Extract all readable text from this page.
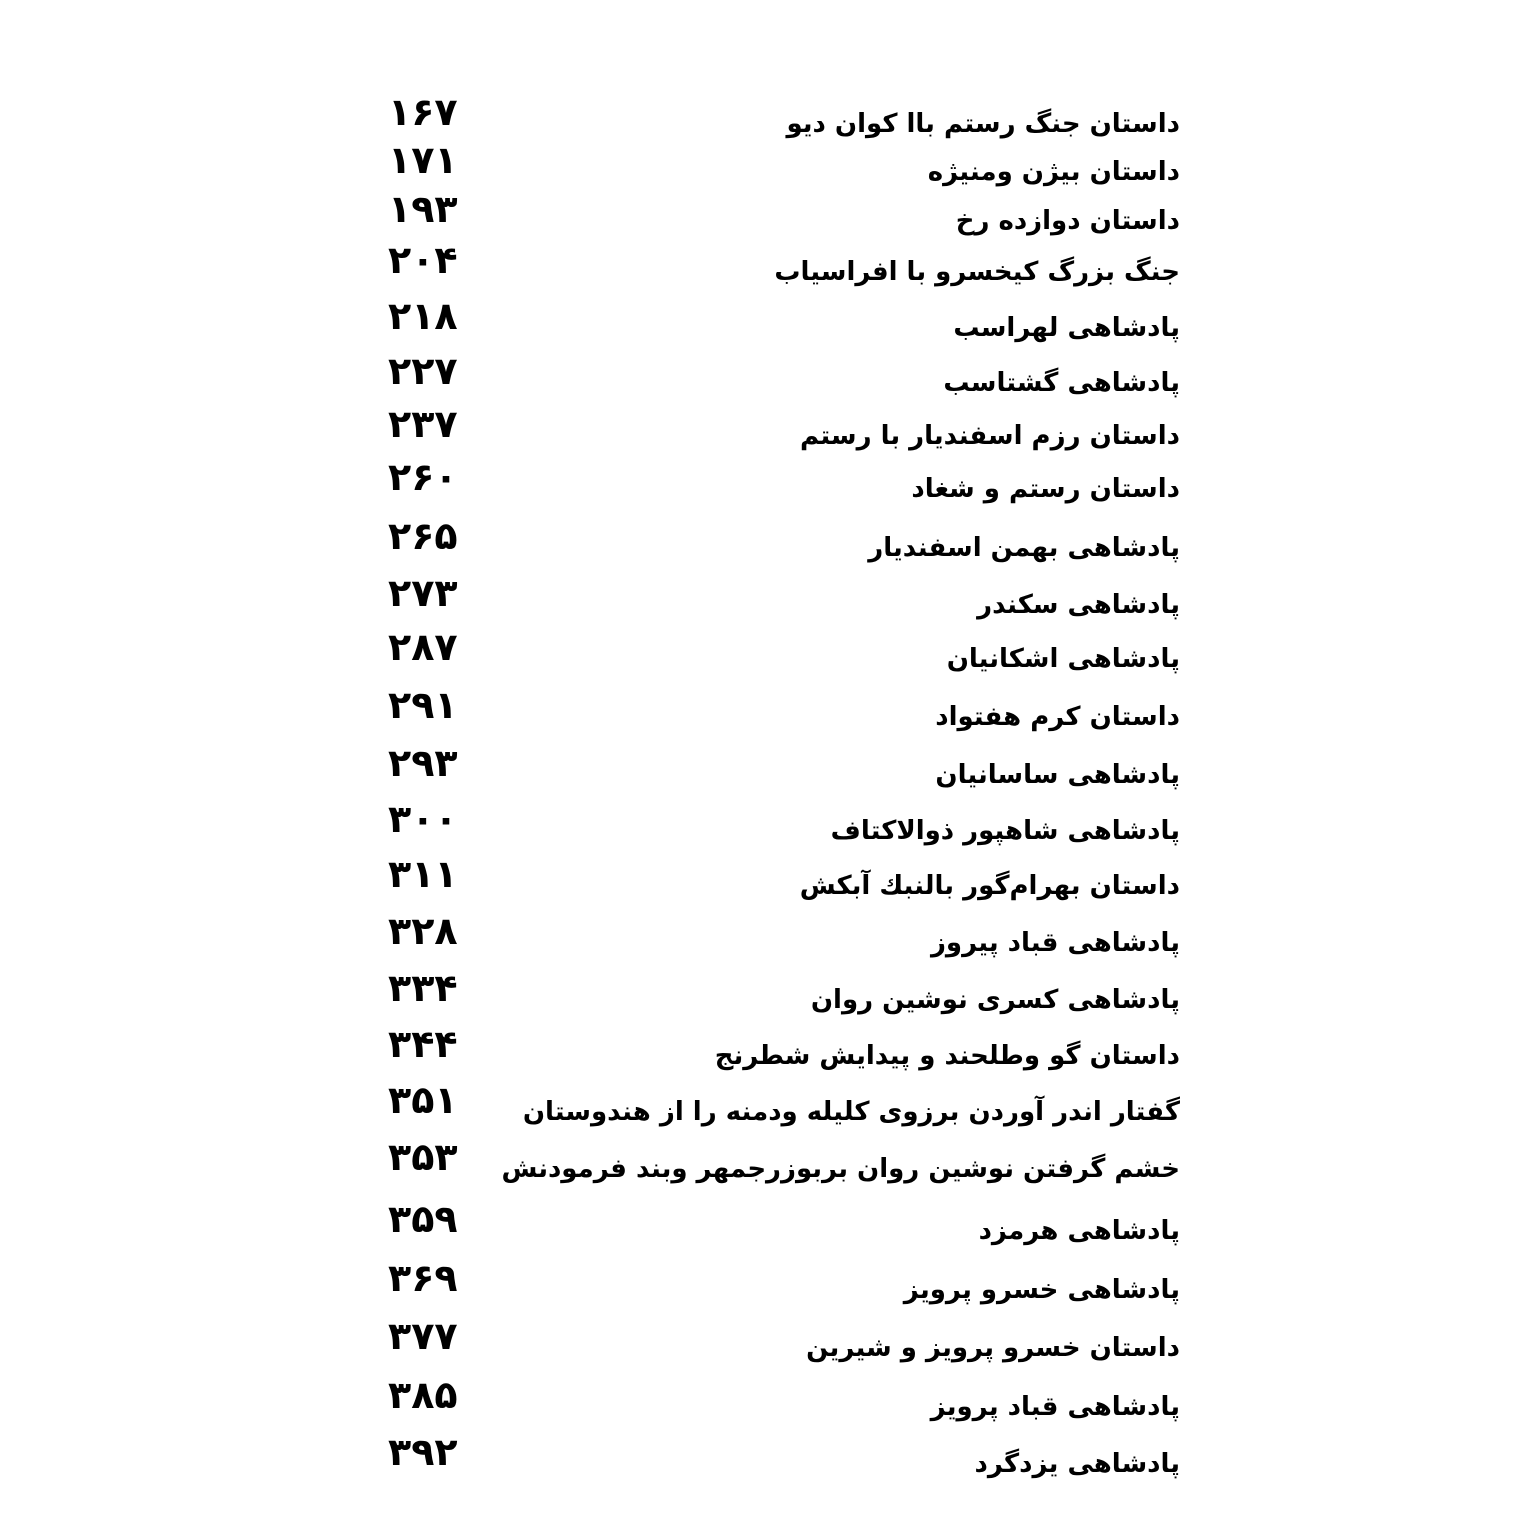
داستان جنگ رستم باا کوان دیو
۱۶۷
داستان بیژن ومنیژه
۱۷۱
داستان دوازده رخ
۱۹۳
جنگ بزرگ کیخسرو با افراسیاب
۲۰۴
پادشاهی لهراسب
۲۱۸
پادشاهی گشتاسب
۲۲۷
داستان رزم اسفندیار با رستم
۲۳۷
داستان رستم و شغاد
۲۶۰
پادشاهی بهمن اسفندیار
۲۶۵
پادشاهی سکندر
۲۷۳
پادشاهی اشکانیان
۲۸۷
داستان کرم هفتواد
۲۹۱
پادشاهی ساسانیان
۲۹۳
پادشاهی شاهپور ذوالاکتاف
۳۰۰
داستان بهرام‌گور بالنبك آبکش
۳۱۱
پادشاهی قباد پیروز
۳۲۸
پادشاهی کسری نوشین روان
۳۳۴
داستان گو وطلحند و پیدایش شطرنج
۳۴۴
گفتار اندر آوردن برزوی کلیله ودمنه را از هندوستان
۳۵۱
خشم گرفتن نوشین روان بربوزرجمهر وبند فرمودنش
۳۵۳
پادشاهی هرمزد
۳۵۹
پادشاهی خسرو پرویز
۳۶۹
داستان خسرو پرویز و شیرین
۳۷۷
پادشاهی قباد پرویز
۳۸۵
پادشاهی یزدگرد
۳۹۲
